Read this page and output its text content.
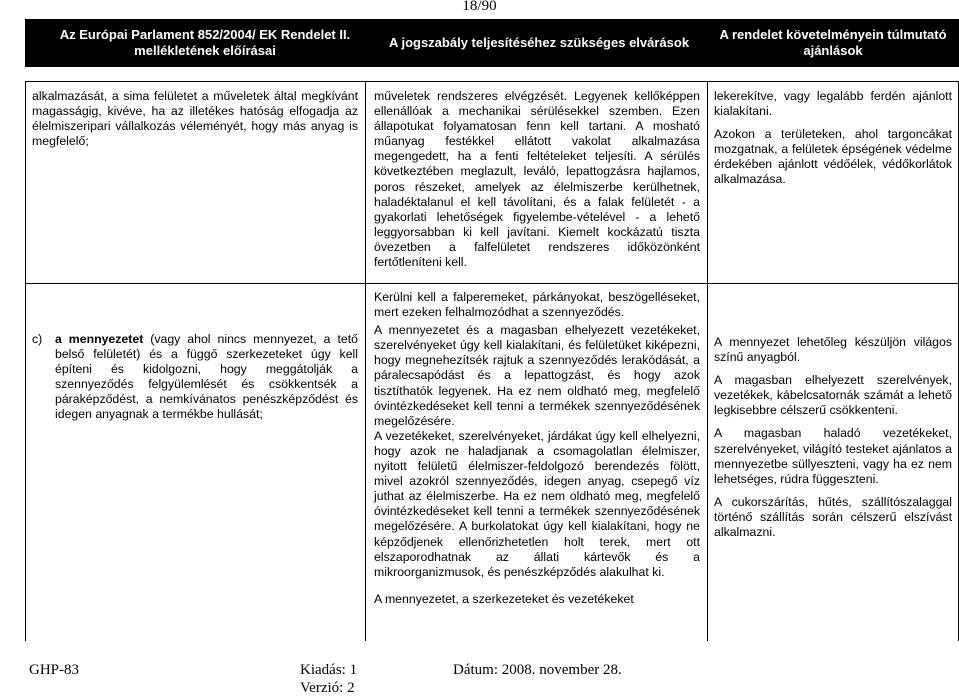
18/90
Az Európai Parlament 852/2004/ EK Rendelet II. mellékletének előírásai
A jogszabály teljesítéséhez szükséges elvárások
A rendelet követelményein túlmutató ajánlások

alkalmazását, a sima felületet a műveletek által megkívánt magasságig, kivéve, ha az illetékes hatóság elfogadja az élelmiszeripari vállalkozás véleményét, hogy más anyag is megfelelő;

műveletek rendszeres elvégzését. Legyenek kellőképpen ellenállóak a mechanikai sérülésekkel szemben. Ezen állapotukat folyamatosan fenn kell tartani. A mosható műanyag festékkel ellátott vakolat alkalmazása megengedett, ha a fenti feltételeket teljesíti. A sérülés következtében meglazult, leváló, lepattogzásra hajlamos, poros részeket, amelyek az élelmiszerbe kerülhetnek, haladéktalanul el kell távolítani, és a falak felületét - a gyakorlati lehetőségek figyelembe-vételével - a lehető leggyorsabban ki kell javítani. Kiemelt kockázatú tiszta övezetben a falfelületet rendszeres időközönként fertőtleníteni kell.

lekerekítve, vagy legalább ferdén ajánlott kialakítani.

Azokon a területeken, ahol targoncákat mozgatnak, a felületek épségének védelme érdekében ajánlott védőélek, védőkorlátok alkalmazása.

c)	a mennyezetet (vagy ahol nincs mennyezet, a tető belső felületét) és a függő szerkezeteket úgy kell építeni és kidolgozni, hogy meggátolják a szennyeződés felgyülemlését és csökkentsék a páraképződést, a nemkívánatos penészképződést és idegen anyagnak a termékbe hullását;

Kerülni kell a falperemeket, párkányokat, beszögelléseket, mert ezeken felhalmozódhat a szennyeződés.

A mennyezetet és a magasban elhelyezett vezetékeket, szerelvényeket úgy kell kialakítani, és felületüket kiképezni, hogy megnehezítsék rajtuk a szennyeződés lerakódását, a páralecsapódást és a lepattogzást, és hogy azok tisztíthatók legyenek. Ha ez nem oldható meg, megfelelő óvintézkedéseket kell tenni a termékek szennyeződésének megelőzésére.

A vezetékeket, szerelvényeket, járdákat úgy kell elhelyezni, hogy azok ne haladjanak a csomagolatlan élelmiszer, nyitott felületű élelmiszer-feldolgozó berendezés fölött, mivel azokról szennyeződés, idegen anyag, csepegő víz juthat az élelmiszerbe. Ha ez nem oldható meg, megfelelő óvintézkedéseket kell tenni a termékek szennyeződésének megelőzésére. A burkolatokat úgy kell kialakítani, hogy ne képződjenek ellenőrizhetetlen holt terek, mert ott elszaporodhatnak az állati kártevők és a mikroorganizmusok, és penészképződés alakulhat ki.

A mennyezetet, a szerkezeteket és vezetékeket

A mennyezet lehetőleg készüljön világos színű anyagból.

A magasban elhelyezett szerelvények, vezetékek, kábelcsatornák számát a lehető legkisebbre célszerű csökkenteni.

A magasban haladó vezetékeket, szerelvényeket, világító testeket ajánlatos a mennyezetbe süllyeszteni, vagy ha ez nem lehetséges, rúdra függeszteni.

A cukorszárítás, hűtés, szállítószalaggal történő szállítás során célszerű elszívást alkalmazni.

GHP-83	Kiadás: 1
Verzió: 2
Dátum: 2008. november 28.
